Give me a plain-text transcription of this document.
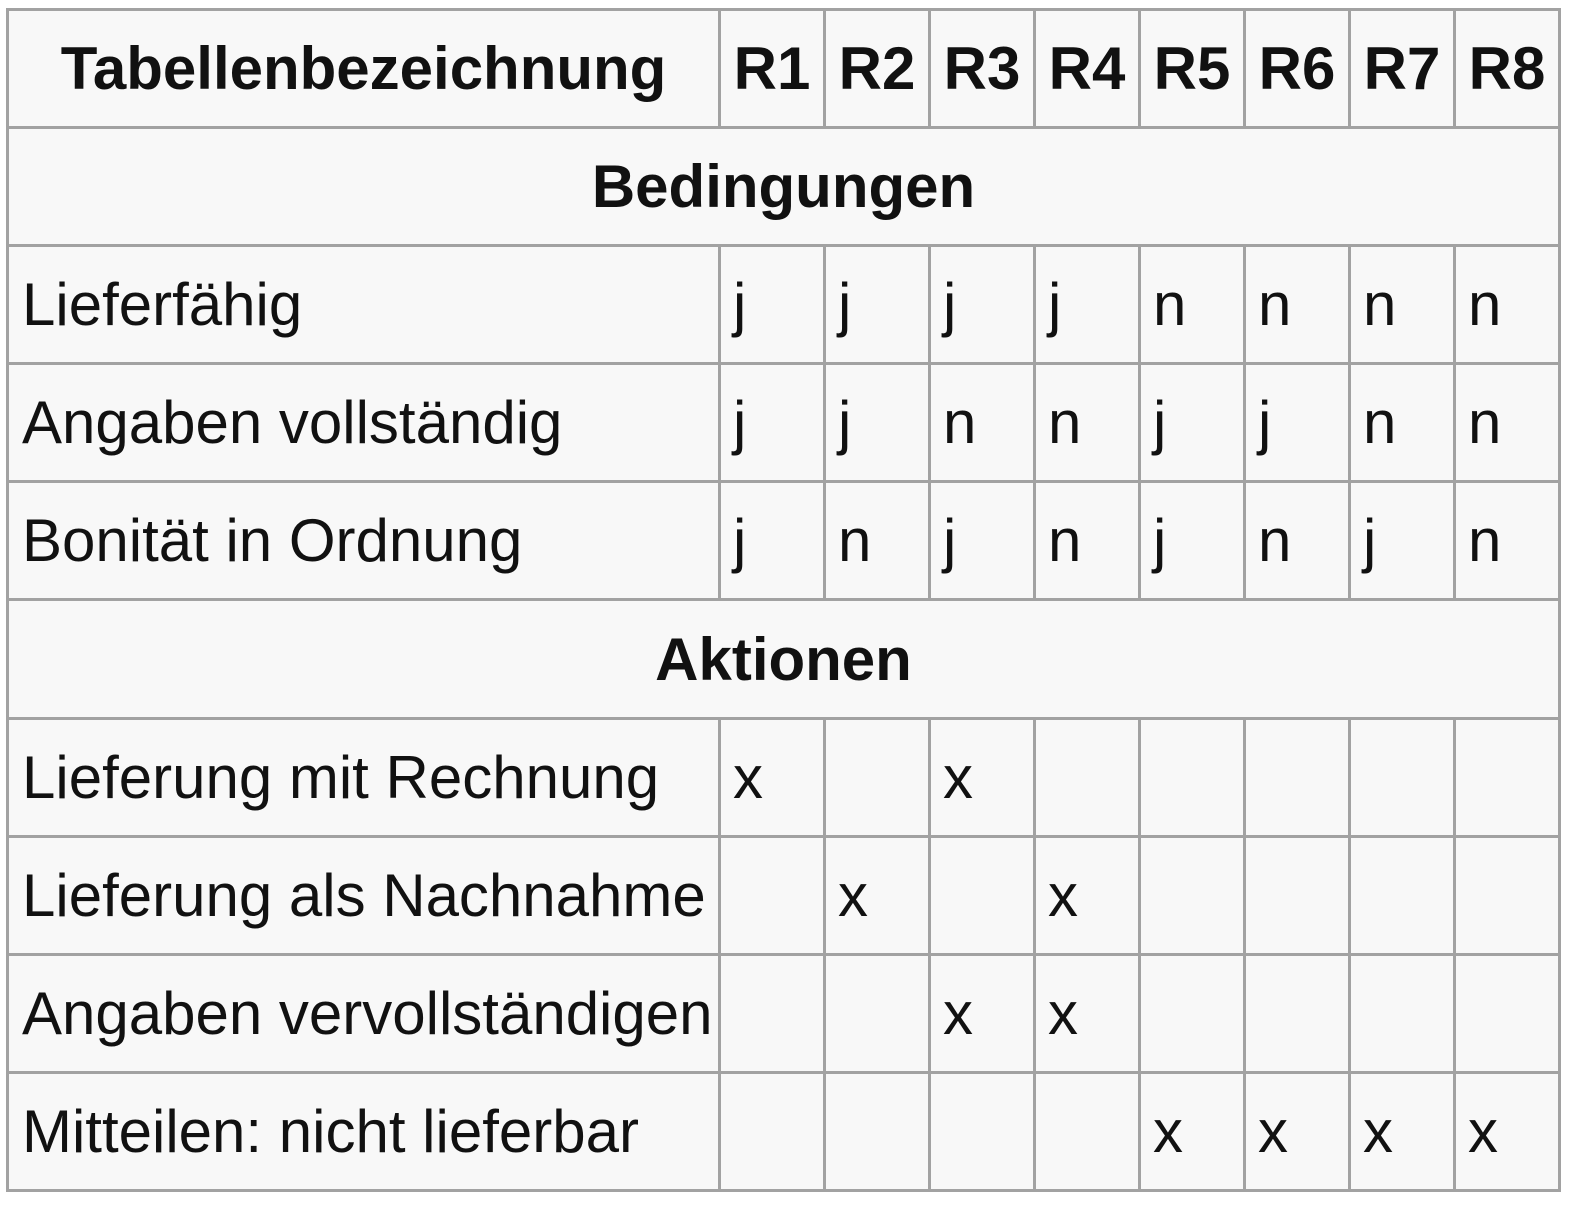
Tabellenbezeichnung	R1	R2	R3	R4	R5	R6	R7	R8
Bedingungen								
Lieferfähig	j	j	j	j	n	n	n	n
Angaben vollständig	j	j	n	n	j	j	n	n
Bonität in Ordnung	j	n	j	n	j	n	j	n
Aktionen								
Lieferung mit Rechnung	x		x					
Lieferung als Nachnahme		x		x				
Angaben vervollständigen			x	x				
Mitteilen: nicht lieferbar					x	x	x	x
